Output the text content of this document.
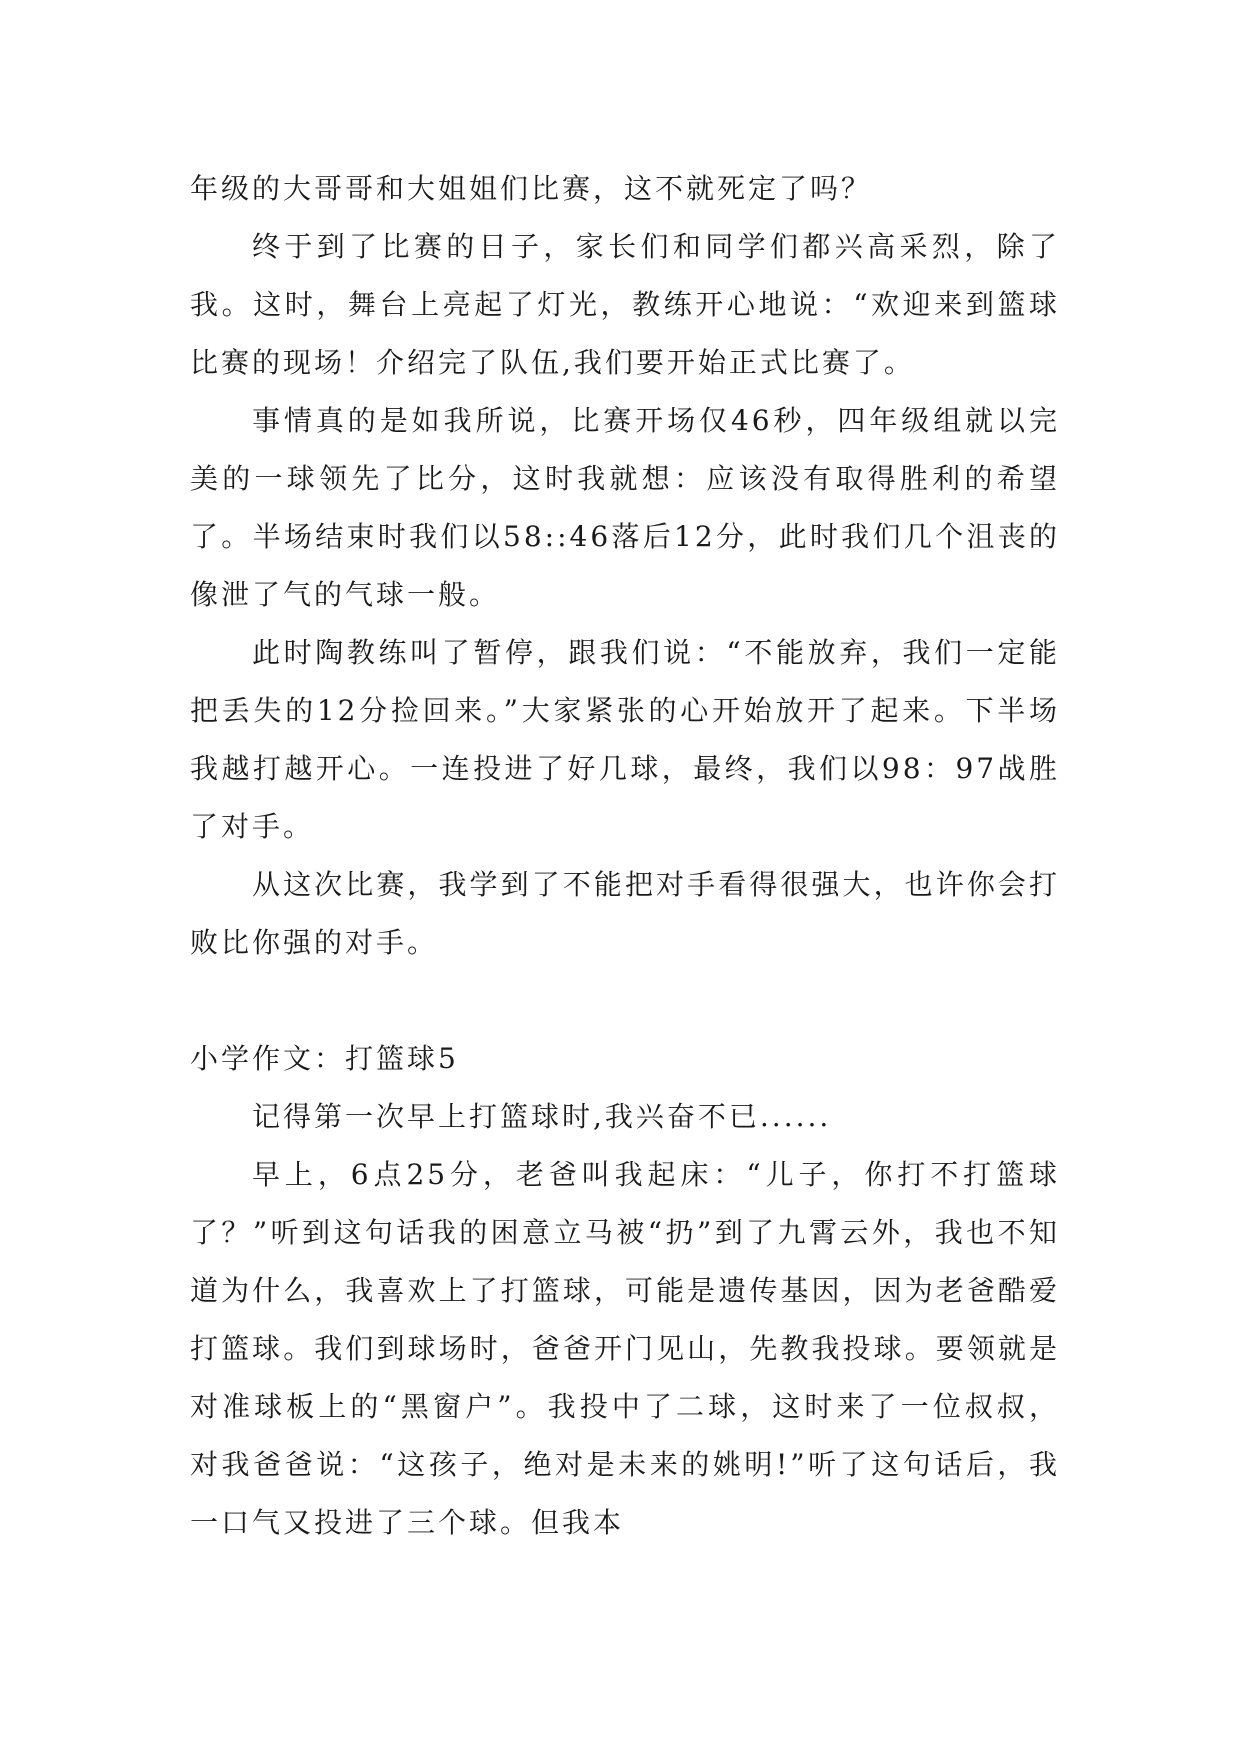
年级的大哥哥和大姐姐们比赛，这不就死定了吗？

终于到了比赛的日子，家长们和同学们都兴高采烈，除了我。这时，舞台上亮起了灯光，教练开心地说：“欢迎来到篮球比赛的现场！介绍完了队伍,我们要开始正式比赛了。

事情真的是如我所说，比赛开场仅46秒，四年级组就以完美的一球领先了比分，这时我就想：应该没有取得胜利的希望了。半场结束时我们以58::46落后12分，此时我们几个沮丧的像泄了气的气球一般。

此时陶教练叫了暂停，跟我们说：“不能放弃，我们一定能把丢失的12分捡回来。”大家紧张的心开始放开了起来。下半场我越打越开心。一连投进了好几球，最终，我们以98：97战胜了对手。

从这次比赛，我学到了不能把对手看得很强大，也许你会打败比你强的对手。

小学作文：打篮球5

记得第一次早上打篮球时,我兴奋不已......

早上，6点25分，老爸叫我起床：“儿子，你打不打篮球了？”听到这句话我的困意立马被“扔”到了九霄云外，我也不知道为什么，我喜欢上了打篮球，可能是遗传基因，因为老爸酷爱打篮球。我们到球场时，爸爸开门见山，先教我投球。要领就是对准球板上的“黑窗户”。我投中了二球，这时来了一位叔叔，对我爸爸说：“这孩子，绝对是未来的姚明!”听了这句话后，我一口气又投进了三个球。但我本
